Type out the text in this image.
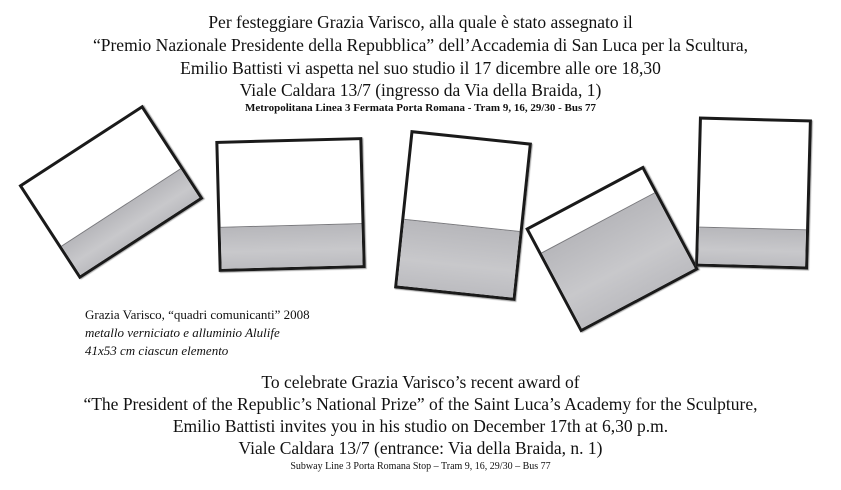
Per festeggiare Grazia Varisco, alla quale è stato assegnato il
“Premio Nazionale Presidente della Repubblica” dell’Accademia di San Luca per la Scultura,
Emilio Battisti vi aspetta nel suo studio il 17 dicembre alle ore 18,30
Viale Caldara 13/7 (ingresso da Via della Braida, 1)
Metropolitana Linea 3 Fermata Porta Romana - Tram 9, 16, 29/30 - Bus 77
Grazia Varisco, “quadri comunicanti” 2008
metallo verniciato e alluminio Alulife
41x53 cm ciascun elemento
To celebrate Grazia Varisco’s recent award of
“The President of the Republic’s National Prize” of the Saint Luca’s Academy for the Sculpture,
Emilio Battisti invites you in his studio on December 17th at 6,30 p.m.
Viale Caldara 13/7 (entrance: Via della Braida, n. 1)
Subway Line 3 Porta Romana Stop – Tram 9, 16, 29/30 – Bus 77
